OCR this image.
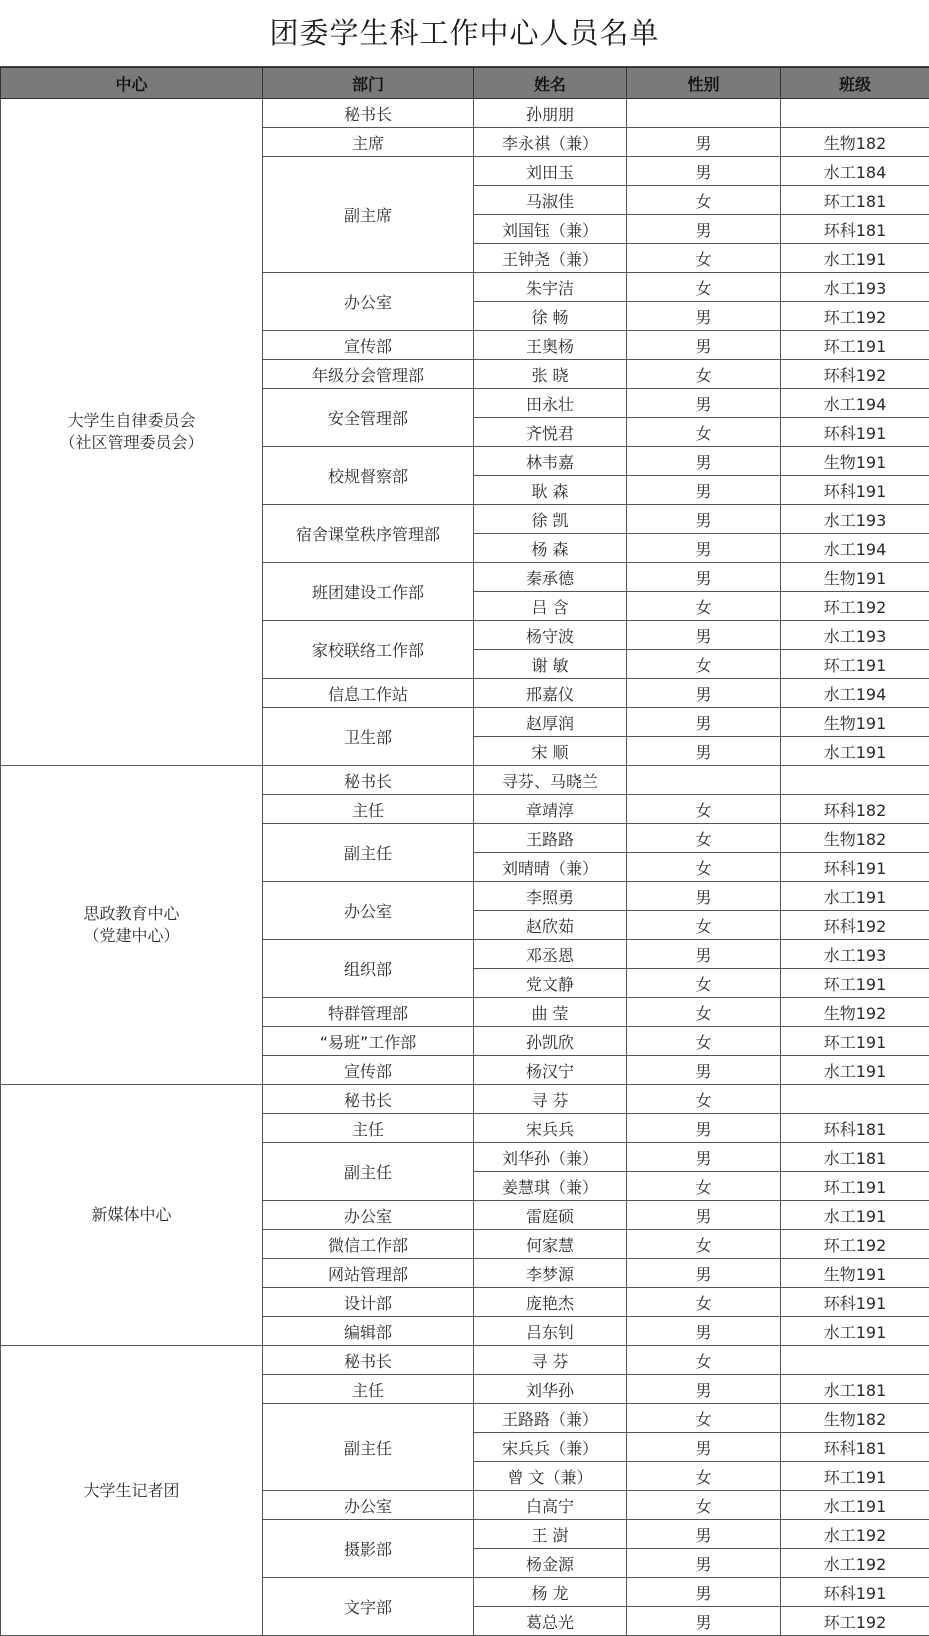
团委学生科工作中心人员名单
中心	部门	姓名	性别	班级

大学生自律委员会
（社区管理委员会）	秘书长	孙朋朋		
	主席	李永祺（兼）	男	生物182
	副主席	刘田玉	男	水工184
		马淑佳	女	环工181
		刘国钰（兼）	男	环科181
		王钟尧（兼）	女	水工191
	办公室	朱宇洁	女	水工193
		徐 畅	男	环工192
	宣传部	王奥杨	男	环工191
	年级分会管理部	张 晓	女	环科192
	安全管理部	田永壮	男	水工194
		齐悦君	女	环科191
	校规督察部	林韦嘉	男	生物191
		耿 森	男	环科191
	宿舍课堂秩序管理部	徐 凯	男	水工193
		杨 森	男	水工194
	班团建设工作部	秦承德	男	生物191
		吕 含	女	环工192
	家校联络工作部	杨守波	男	水工193
		谢 敏	女	环工191
	信息工作站	邢嘉仪	男	水工194
	卫生部	赵厚润	男	生物191
		宋 顺	男	水工191

思政教育中心
（党建中心）	秘书长	寻芬、马晓兰		
	主任	章靖淳	女	环科182
	副主任	王路路	女	生物182
		刘晴晴（兼）	女	环科191
	办公室	李照勇	男	水工191
		赵欣茹	女	环科192
	组织部	邓丞恩	男	水工193
		党文静	女	环工191
	特群管理部	曲 莹	女	生物192
	“易班”工作部	孙凯欣	女	环工191
	宣传部	杨汉宁	男	水工191

新媒体中心	秘书长	寻 芬	女	
	主任	宋兵兵	男	环科181
	副主任	刘华孙（兼）	男	水工181
		姜慧琪（兼）	女	环工191
	办公室	雷庭硕	男	水工191
	微信工作部	何家慧	女	环工192
	网站管理部	李梦源	男	生物191
	设计部	庞艳杰	女	环科191
	编辑部	吕东钊	男	水工191

大学生记者团	秘书长	寻 芬	女	
	主任	刘华孙	男	水工181
	副主任	王路路（兼）	女	生物182
		宋兵兵（兼）	男	环科181
		曾 文（兼）	女	环工191
	办公室	白高宁	女	水工191
	摄影部	王 澍	男	水工192
		杨金源	男	水工192
	文字部	杨 龙	男	环科191
		葛总光	男	环工192
